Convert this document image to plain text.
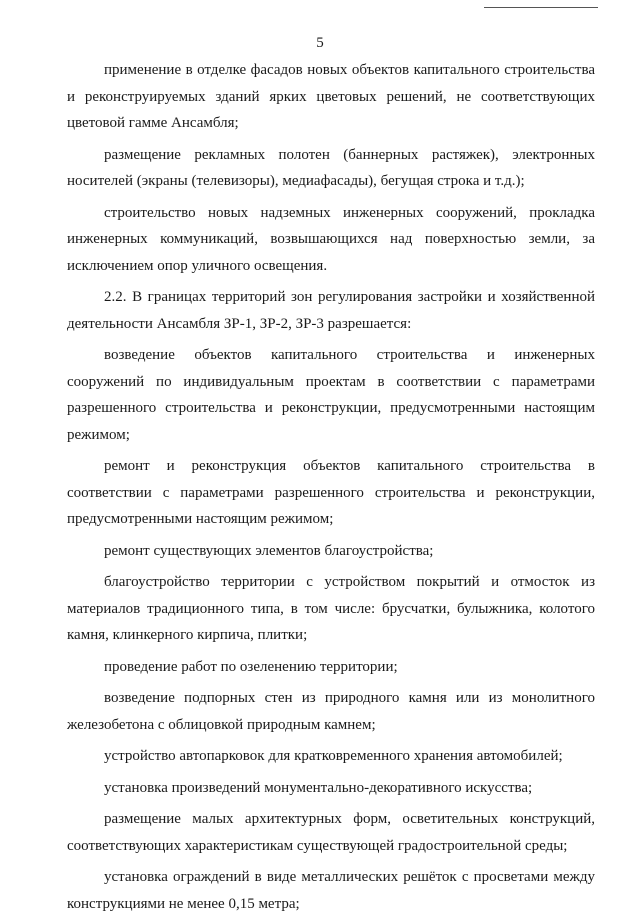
5

применение в отделке фасадов новых объектов капитального строительства и реконструируемых зданий ярких цветовых решений, не соответствующих цветовой гамме Ансамбля;

размещение рекламных полотен (баннерных растяжек), электронных носителей (экраны (телевизоры), медиафасады), бегущая строка и т.д.);

строительство новых надземных инженерных сооружений, прокладка инженерных коммуникаций, возвышающихся над поверхностью земли, за исключением опор уличного освещения.

2.2. В границах территорий зон регулирования застройки и хозяйственной деятельности Ансамбля ЗР-1, ЗР-2, ЗР-3 разрешается:

возведение объектов капитального строительства и инженерных сооружений по индивидуальным проектам в соответствии с параметрами разрешенного строительства и реконструкции, предусмотренными настоящим режимом;

ремонт и реконструкция объектов капитального строительства в соответствии с параметрами разрешенного строительства и реконструкции, предусмотренными настоящим режимом;

ремонт существующих элементов благоустройства;

благоустройство территории с устройством покрытий и отмосток из материалов традиционного типа, в том числе: брусчатки, булыжника, колотого камня, клинкерного кирпича, плитки;

проведение работ по озеленению территории;

возведение подпорных стен из природного камня или из монолитного железобетона с облицовкой природным камнем;

устройство автопарковок для кратковременного хранения автомобилей;

установка произведений монументально-декоративного искусства;

размещение малых архитектурных форм, осветительных конструкций, соответствующих характеристикам существующей градостроительной среды;

установка ограждений в виде металлических решёток с просветами между конструкциями не менее 0,15 метра;
